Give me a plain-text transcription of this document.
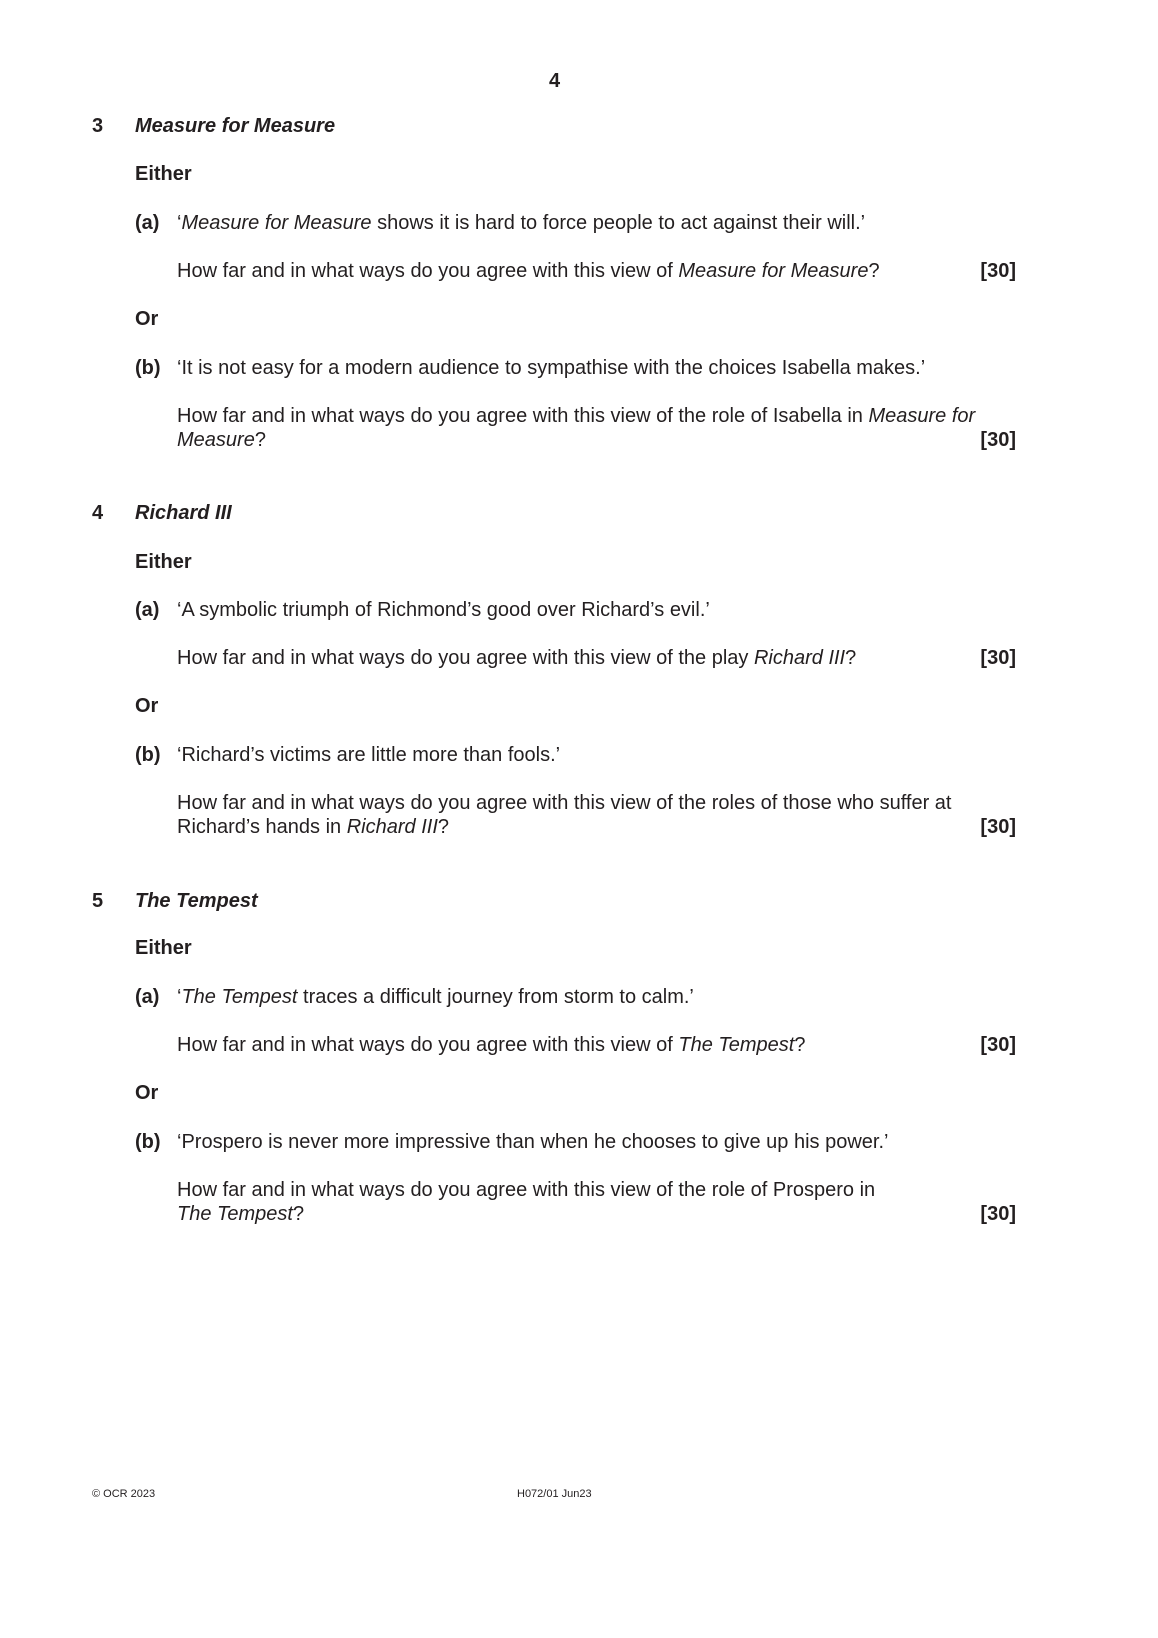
4
3 Measure for Measure
Either
(a) ‘Measure for Measure shows it is hard to force people to act against their will.’
How far and in what ways do you agree with this view of Measure for Measure?	[30]
Or
(b) ‘It is not easy for a modern audience to sympathise with the choices Isabella makes.’
How far and in what ways do you agree with this view of the role of Isabella in Measure for
Measure?	[30]
4 Richard III
Either
(a) ‘A symbolic triumph of Richmond’s good over Richard’s evil.’
How far and in what ways do you agree with this view of the play Richard III?	[30]
Or
(b) ‘Richard’s victims are little more than fools.’
How far and in what ways do you agree with this view of the roles of those who suffer at
Richard’s hands in Richard III?	[30]
5 The Tempest
Either
(a) ‘The Tempest traces a difficult journey from storm to calm.’
How far and in what ways do you agree with this view of The Tempest?	[30]
Or
(b) ‘Prospero is never more impressive than when he chooses to give up his power.’
How far and in what ways do you agree with this view of the role of Prospero in
The Tempest?	[30]
© OCR 2023	H072/01 Jun23
